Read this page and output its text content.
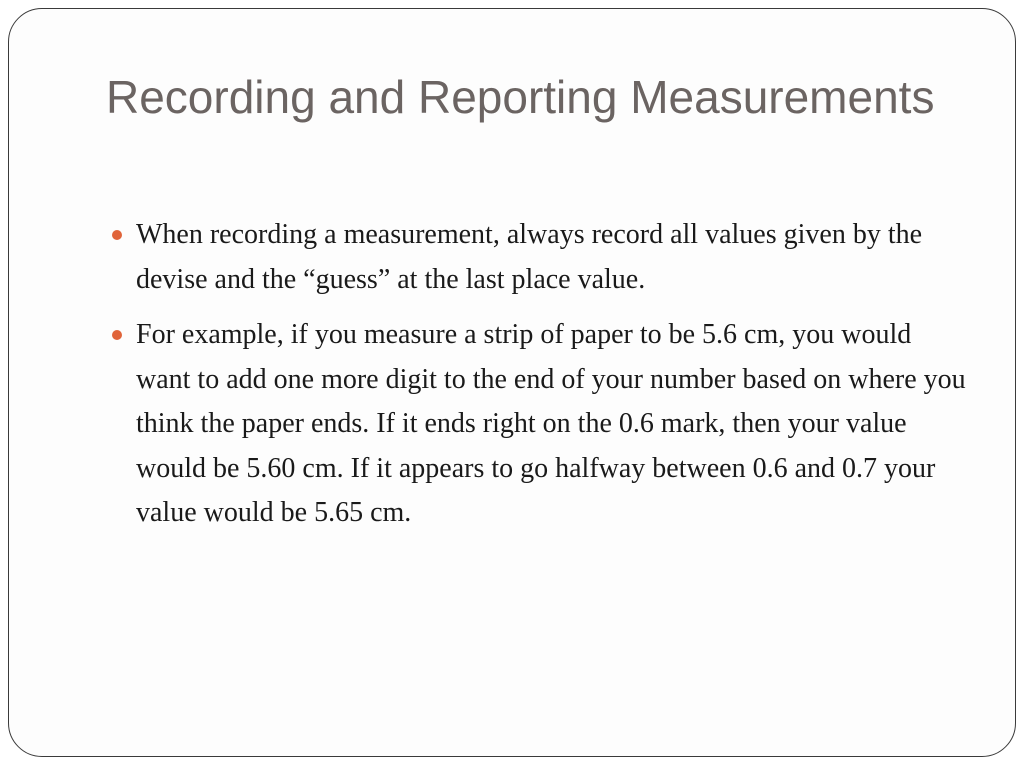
Recording and Reporting Measurements
When recording a measurement, always record all values given by the devise and the “guess” at the last place value.
For example, if you measure a strip of paper to be 5.6 cm, you would want to add one more digit to the end of your number based on where you think the paper ends. If it ends right on the 0.6 mark, then your value would be 5.60 cm. If it appears to go halfway between 0.6 and 0.7 your value would be 5.65 cm.
